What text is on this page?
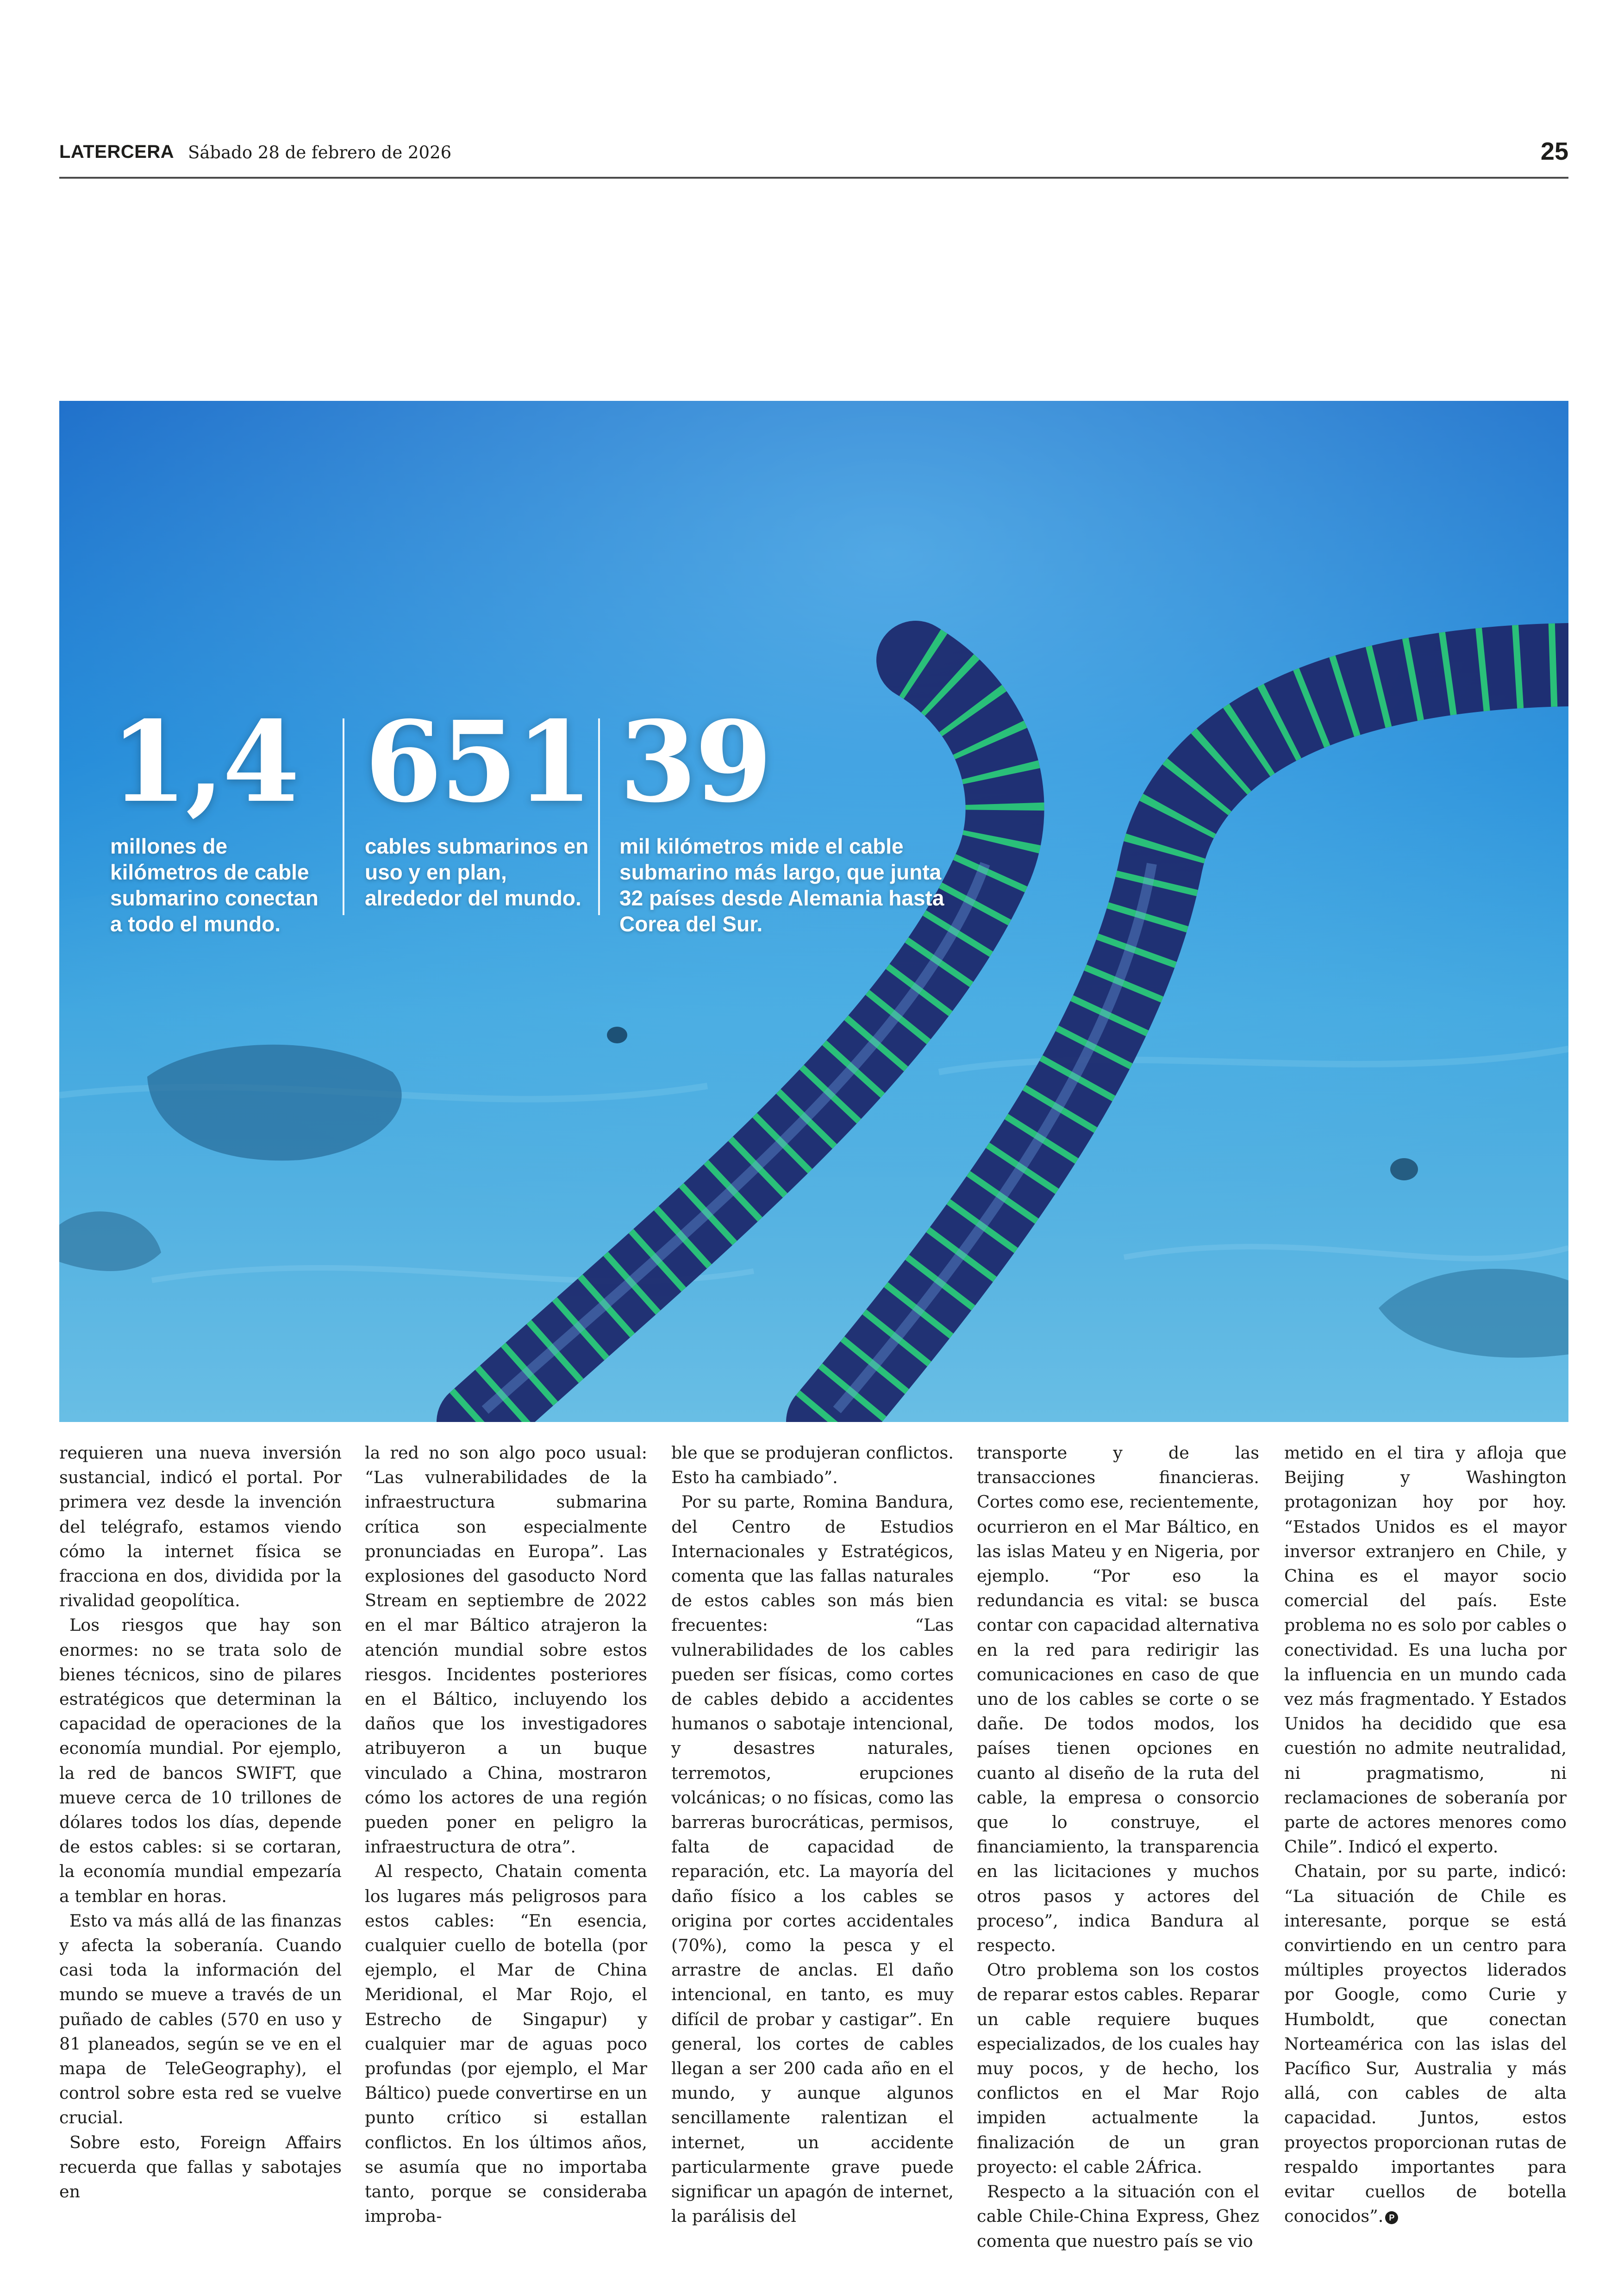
LATERCERA Sábado 28 de febrero de 2026	25
1,4
millones de kilómetros de cable submarino conectan a todo el mundo.
651
cables submarinos en uso y en plan, alrededor del mundo.
39
mil kilómetros mide el cable submarino más largo, que junta 32 países desde Alemania hasta Corea del Sur.

requieren una nueva inversión sustancial, indicó el portal. Por primera vez desde la invención del telégrafo, estamos viendo cómo la internet física se fracciona en dos, dividida por la rivalidad geopolítica.

Los riesgos que hay son enormes: no se trata solo de bienes técnicos, sino de pilares estratégicos que determinan la capacidad de operaciones de la economía mundial. Por ejemplo, la red de bancos SWIFT, que mueve cerca de 10 trillones de dólares todos los días, depende de estos cables: si se cortaran, la economía mundial empezaría a temblar en horas.

Esto va más allá de las finanzas y afecta la soberanía. Cuando casi toda la información del mundo se mueve a través de un puñado de cables (570 en uso y 81 planeados, según se ve en el mapa de TeleGeography), el control sobre esta red se vuelve crucial.

Sobre esto, Foreign Affairs recuerda que fallas y sabotajes en

la red no son algo poco usual: “Las vulnerabilidades de la infraestructura submarina crítica son especialmente pronunciadas en Europa”. Las explosiones del gasoducto Nord Stream en septiembre de 2022 en el mar Báltico atrajeron la atención mundial sobre estos riesgos. Incidentes posteriores en el Báltico, incluyendo los daños que los investigadores atribuyeron a un buque vinculado a China, mostraron cómo los actores de una región pueden poner en peligro la infraestructura de otra”.

Al respecto, Chatain comenta los lugares más peligrosos para estos cables: “En esencia, cualquier cuello de botella (por ejemplo, el Mar de China Meridional, el Mar Rojo, el Estrecho de Singapur) y cualquier mar de aguas poco profundas (por ejemplo, el Mar Báltico) puede convertirse en un punto crítico si estallan conflictos. En los últimos años, se asumía que no importaba tanto, porque se consideraba improba-

ble que se produjeran conflictos. Esto ha cambiado”.

Por su parte, Romina Bandura, del Centro de Estudios Internacionales y Estratégicos, comenta que las fallas naturales de estos cables son más bien frecuentes: “Las vulnerabilidades de los cables pueden ser físicas, como cortes de cables debido a accidentes humanos o sabotaje intencional, y desastres naturales, terremotos, erupciones volcánicas; o no físicas, como las barreras burocráticas, permisos, falta de capacidad de reparación, etc. La mayoría del daño físico a los cables se origina por cortes accidentales (70%), como la pesca y el arrastre de anclas. El daño intencional, en tanto, es muy difícil de probar y castigar”. En general, los cortes de cables llegan a ser 200 cada año en el mundo, y aunque algunos sencillamente ralentizan el internet, un accidente particularmente grave puede significar un apagón de internet, la parálisis del

transporte y de las transacciones financieras. Cortes como ese, recientemente, ocurrieron en el Mar Báltico, en las islas Mateu y en Nigeria, por ejemplo. “Por eso la redundancia es vital: se busca contar con capacidad alternativa en la red para redirigir las comunicaciones en caso de que uno de los cables se corte o se dañe. De todos modos, los países tienen opciones en cuanto al diseño de la ruta del cable, la empresa o consorcio que lo construye, el financiamiento, la transparencia en las licitaciones y muchos otros pasos y actores del proceso”, indica Bandura al respecto.

Otro problema son los costos de reparar estos cables. Reparar un cable requiere buques especializados, de los cuales hay muy pocos, y de hecho, los conflictos en el Mar Rojo impiden actualmente la finalización de un gran proyecto: el cable 2África.

Respecto a la situación con el cable Chile-China Express, Ghez comenta que nuestro país se vio

metido en el tira y afloja que Beijing y Washington protagonizan hoy por hoy. “Estados Unidos es el mayor inversor extranjero en Chile, y China es el mayor socio comercial del país. Este problema no es solo por cables o conectividad. Es una lucha por la influencia en un mundo cada vez más fragmentado. Y Estados Unidos ha decidido que esa cuestión no admite neutralidad, ni pragmatismo, ni reclamaciones de soberanía por parte de actores menores como Chile”. Indicó el experto.

Chatain, por su parte, indicó: “La situación de Chile es interesante, porque se está convirtiendo en un centro para múltiples proyectos liderados por Google, como Curie y Humboldt, que conectan Norteamérica con las islas del Pacífico Sur, Australia y más allá, con cables de alta capacidad. Juntos, estos proyectos proporcionan rutas de respaldo importantes para evitar cuellos de botella conocidos”. P
